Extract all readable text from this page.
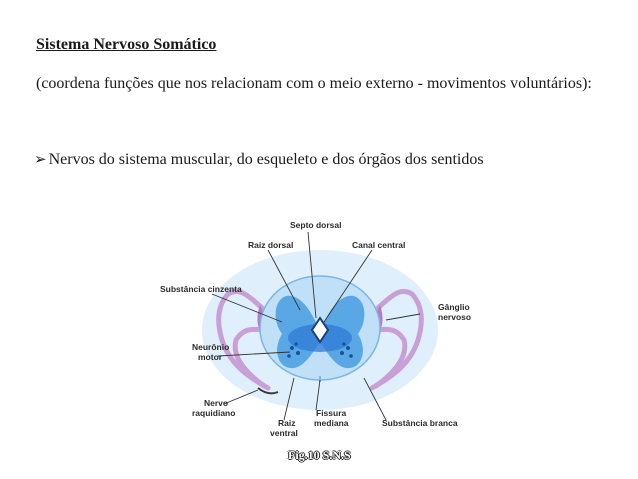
Sistema Nervoso Somático

(coordena funções que nos relacionam com o meio externo - movimentos voluntários):

➢ Nervos do sistema muscular, do esqueleto e dos órgãos dos sentidos

Septo dorsal
Raiz dorsal	Canal central
Substância cinzenta
Gânglio
nervoso
Neurônio
motor
Nervo
raquidiano
Raiz
ventral
Fissura
mediana	Substância branca

Fig.10 S.N.S
